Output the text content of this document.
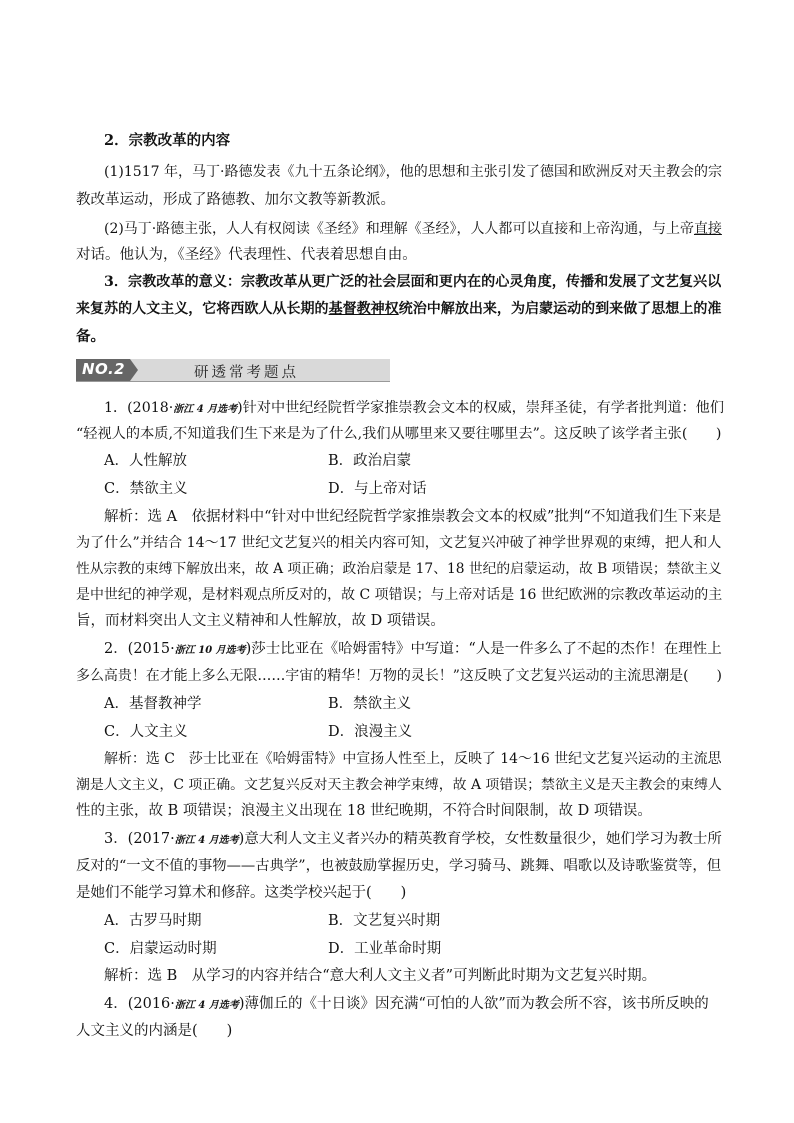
2．宗教改革的内容
(1)1517 年，马丁·路德发表《九十五条论纲》，他的思想和主张引发了德国和欧洲反对天主教会的宗
教改革运动，形成了路德教、加尔文教等新教派。
(2)马丁·路德主张，人人有权阅读《圣经》和理解《圣经》，人人都可以直接和上帝沟通，与上帝直接
对话。他认为，《圣经》代表理性、代表着思想自由。
3．宗教改革的意义：宗教改革从更广泛的社会层面和更内在的心灵角度，传播和发展了文艺复兴以
来复苏的人文主义，它将西欧人从长期的基督教神权统治中解放出来，为启蒙运动的到来做了思想上的准
备。
NO.2	研透常考题点
1．(2018·浙江 4 月选考)针对中世纪经院哲学家推崇教会文本的权威，崇拜圣徒，有学者批判道：他们
“轻视人的本质,不知道我们生下来是为了什么,我们从哪里来又要往哪里去”。这反映了该学者主张(　　)
A．人性解放	B．政治启蒙
C．禁欲主义	D．与上帝对话
解析：选 A　依据材料中“针对中世纪经院哲学家推崇教会文本的权威”批判“不知道我们生下来是
为了什么”并结合 14～17 世纪文艺复兴的相关内容可知，文艺复兴冲破了神学世界观的束缚，把人和人
性从宗教的束缚下解放出来，故 A 项正确；政治启蒙是 17、18 世纪的启蒙运动，故 B 项错误；禁欲主义
是中世纪的神学观，是材料观点所反对的，故 C 项错误；与上帝对话是 16 世纪欧洲的宗教改革运动的主
旨，而材料突出人文主义精神和人性解放，故 D 项错误。
2．(2015·浙江 10 月选考)莎士比亚在《哈姆雷特》中写道：“人是一件多么了不起的杰作！在理性上
多么高贵！在才能上多么无限……宇宙的精华！万物的灵长！”这反映了文艺复兴运动的主流思潮是(　　)
A．基督教神学	B．禁欲主义
C．人文主义	D．浪漫主义
解析：选 C　莎士比亚在《哈姆雷特》中宣扬人性至上，反映了 14～16 世纪文艺复兴运动的主流思
潮是人文主义，C 项正确。文艺复兴反对天主教会神学束缚，故 A 项错误；禁欲主义是天主教会的束缚人
性的主张，故 B 项错误；浪漫主义出现在 18 世纪晚期，不符合时间限制，故 D 项错误。
3．(2017·浙江 4 月选考)意大利人文主义者兴办的精英教育学校，女性数量很少，她们学习为教士所
反对的“一文不值的事物——古典学”，也被鼓励掌握历史，学习骑马、跳舞、唱歌以及诗歌鉴赏等，但
是她们不能学习算术和修辞。这类学校兴起于(　　)
A．古罗马时期	B．文艺复兴时期
C．启蒙运动时期	D．工业革命时期
解析：选 B　从学习的内容并结合“意大利人文主义者”可判断此时期为文艺复兴时期。
4．(2016·浙江 4 月选考)薄伽丘的《十日谈》因充满“可怕的人欲”而为教会所不容，该书所反映的
人文主义的内涵是(　　)
